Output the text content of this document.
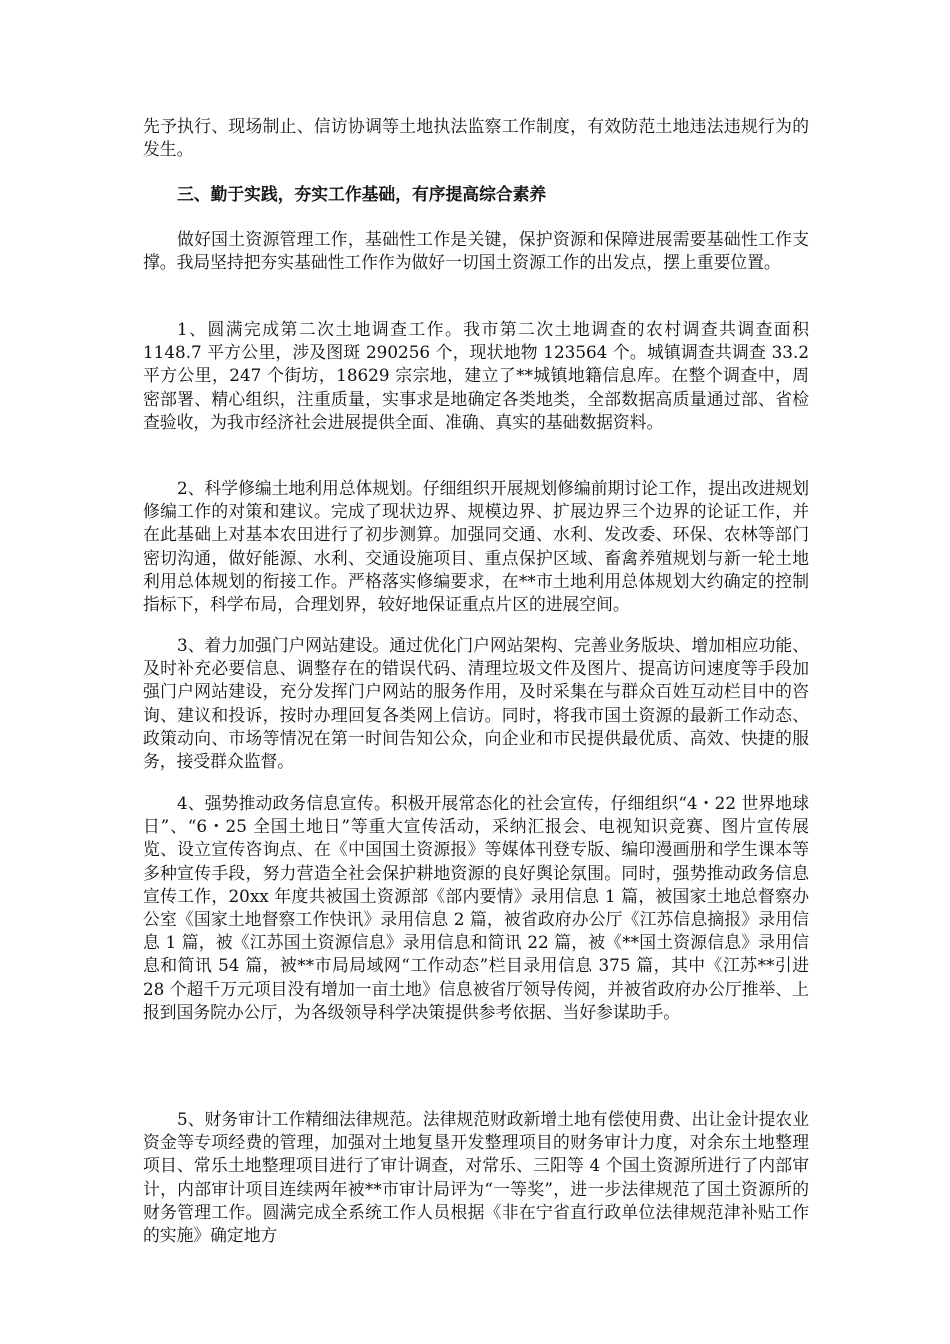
先予执行、现场制止、信访协调等土地执法监察工作制度，有效防范土地违法违规行为的发生。

三、勤于实践，夯实工作基础，有序提高综合素养

做好国土资源管理工作，基础性工作是关键，保护资源和保障进展需要基础性工作支撑。我局坚持把夯实基础性工作作为做好一切国土资源工作的出发点，摆上重要位置。

1、圆满完成第二次土地调查工作。我市第二次土地调查的农村调查共调查面积 1148.7 平方公里，涉及图斑 290256 个，现状地物 123564 个。城镇调查共调查 33.2 平方公里，247 个街坊，18629 宗宗地，建立了**城镇地籍信息库。在整个调查中，周密部署、精心组织，注重质量，实事求是地确定各类地类，全部数据高质量通过部、省检查验收，为我市经济社会进展提供全面、准确、真实的基础数据资料。

2、科学修编土地利用总体规划。仔细组织开展规划修编前期讨论工作，提出改进规划修编工作的对策和建议。完成了现状边界、规模边界、扩展边界三个边界的论证工作，并在此基础上对基本农田进行了初步测算。加强同交通、水利、发改委、环保、农林等部门密切沟通，做好能源、水利、交通设施项目、重点保护区域、畜禽养殖规划与新一轮土地利用总体规划的衔接工作。严格落实修编要求，在**市土地利用总体规划大约确定的控制指标下，科学布局，合理划界，较好地保证重点片区的进展空间。

3、着力加强门户网站建设。通过优化门户网站架构、完善业务版块、增加相应功能、及时补充必要信息、调整存在的错误代码、清理垃圾文件及图片、提高访问速度等手段加强门户网站建设，充分发挥门户网站的服务作用，及时采集在与群众百姓互动栏目中的咨询、建议和投诉，按时办理回复各类网上信访。同时，将我市国土资源的最新工作动态、政策动向、市场等情况在第一时间告知公众，向企业和市民提供最优质、高效、快捷的服务，接受群众监督。

4、强势推动政务信息宣传。积极开展常态化的社会宣传，仔细组织“4・22 世界地球日”、“6・25 全国土地日”等重大宣传活动，采纳汇报会、电视知识竞赛、图片宣传展览、设立宣传咨询点、在《中国国土资源报》等媒体刊登专版、编印漫画册和学生课本等多种宣传手段，努力营造全社会保护耕地资源的良好舆论氛围。同时，强势推动政务信息宣传工作，20xx 年度共被国土资源部《部内要情》录用信息 1 篇，被国家土地总督察办公室《国家土地督察工作快讯》录用信息 2 篇，被省政府办公厅《江苏信息摘报》录用信息 1 篇，被《江苏国土资源信息》录用信息和简讯 22 篇，被《**国土资源信息》录用信息和简讯 54 篇，被**市局局域网“工作动态”栏目录用信息 375 篇，其中《江苏**引进 28 个超千万元项目没有增加一亩土地》信息被省厅领导传阅，并被省政府办公厅推举、上报到国务院办公厅，为各级领导科学决策提供参考依据、当好参谋助手。

5、财务审计工作精细法律规范。法律规范财政新增土地有偿使用费、出让金计提农业资金等专项经费的管理，加强对土地复垦开发整理项目的财务审计力度，对余东土地整理项目、常乐土地整理项目进行了审计调查，对常乐、三阳等 4 个国土资源所进行了内部审计，内部审计项目连续两年被**市审计局评为“一等奖”，进一步法律规范了国土资源所的财务管理工作。圆满完成全系统工作人员根据《非在宁省直行政单位法律规范津补贴工作的实施》确定地方
